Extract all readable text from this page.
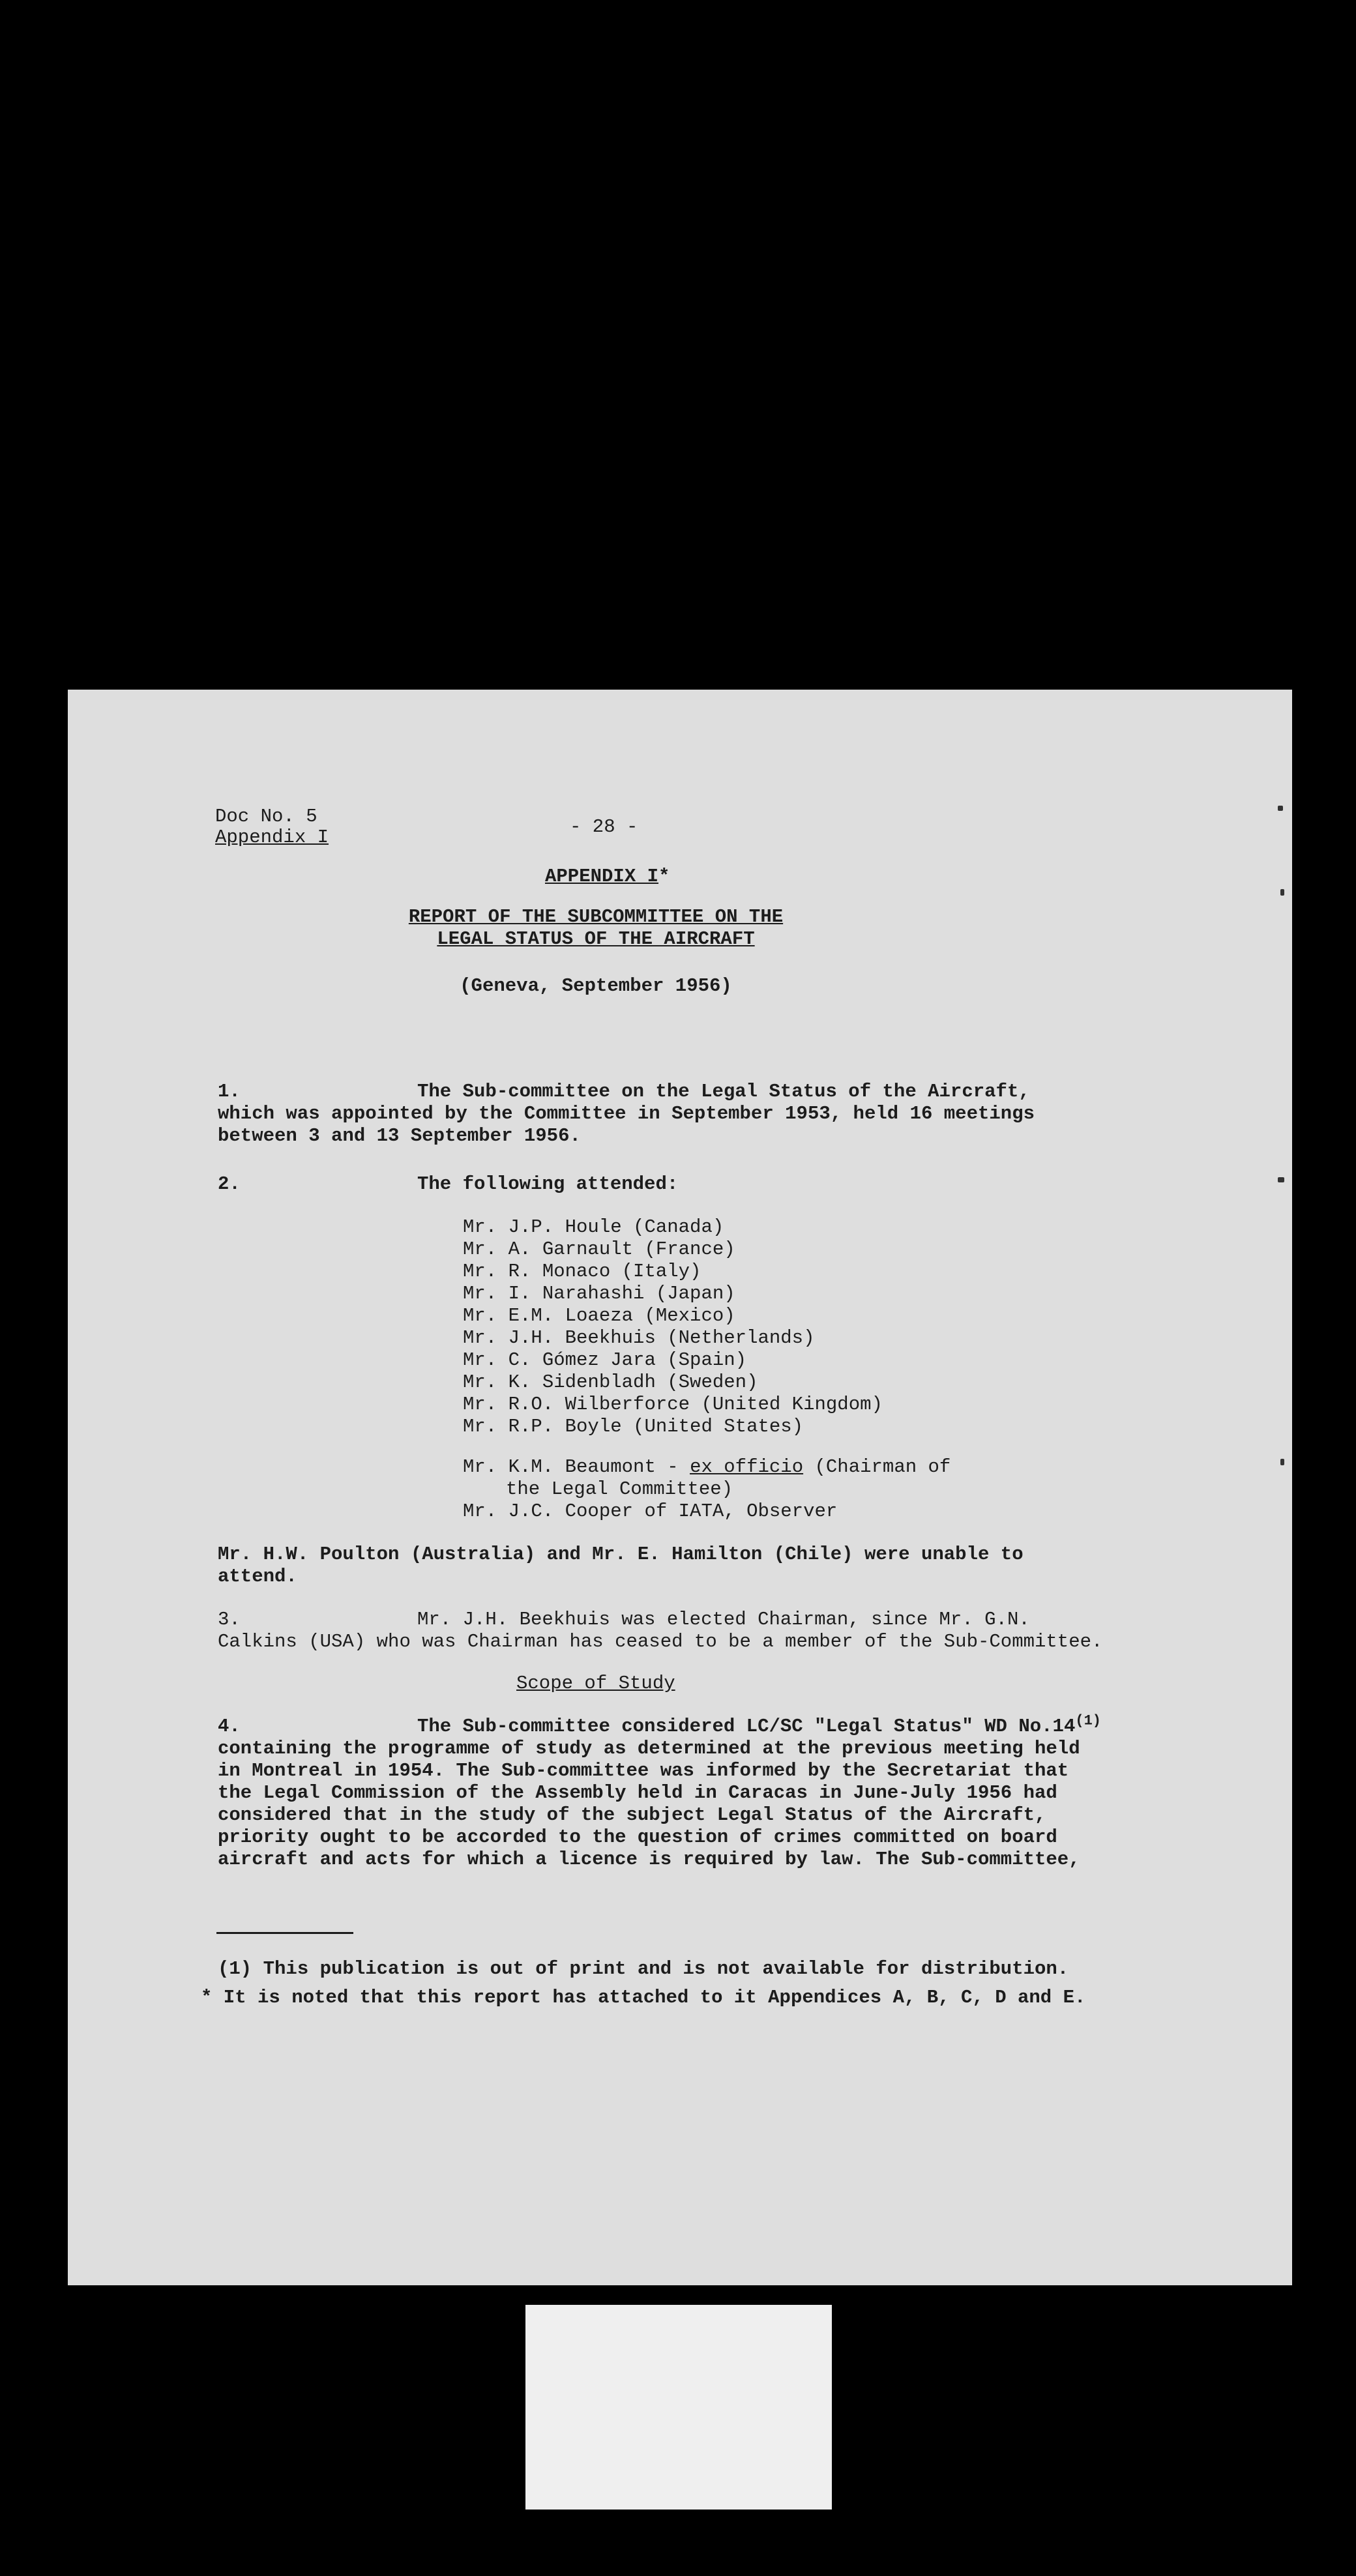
Doc No. 5

Appendix I	- 28 -

APPENDIX I*

REPORT OF THE SUBCOMMITTEE ON THE

LEGAL STATUS OF THE AIRCRAFT

(Geneva, September 1956)

1.	The Sub-committee on the Legal Status of the Aircraft,

which was appointed by the Committee in September 1953, held 16 meetings

between 3 and 13 September 1956.

2.	The following attended:

Mr. J.P. Houle (Canada)

Mr. A. Garnault (France)

Mr. R. Monaco (Italy)

Mr. I. Narahashi (Japan)

Mr. E.M. Loaeza (Mexico)

Mr. J.H. Beekhuis (Netherlands)

Mr. C. Gómez Jara (Spain)

Mr. K. Sidenbladh (Sweden)

Mr. R.O. Wilberforce (United Kingdom)

Mr. R.P. Boyle (United States)

Mr. K.M. Beaumont - ex officio (Chairman of

the Legal Committee)

Mr. J.C. Cooper of IATA, Observer

Mr. H.W. Poulton (Australia) and Mr. E. Hamilton (Chile) were unable to

attend.

3.	Mr. J.H. Beekhuis was elected Chairman, since Mr. G.N.

Calkins (USA) who was Chairman has ceased to be a member of the Sub-Committee.

Scope of Study

4.	The Sub-committee considered LC/SC "Legal Status" WD No.14$^{(1)}$

containing the programme of study as determined at the previous meeting held

in Montreal in 1954. The Sub-committee was informed by the Secretariat that

the Legal Commission of the Assembly held in Caracas in June-July 1956 had

considered that in the study of the subject Legal Status of the Aircraft,

priority ought to be accorded to the question of crimes committed on board

aircraft and acts for which a licence is required by law. The Sub-committee,

(1) This publication is out of print and is not available for distribution.

* It is noted that this report has attached to it Appendices A, B, C, D and E.
